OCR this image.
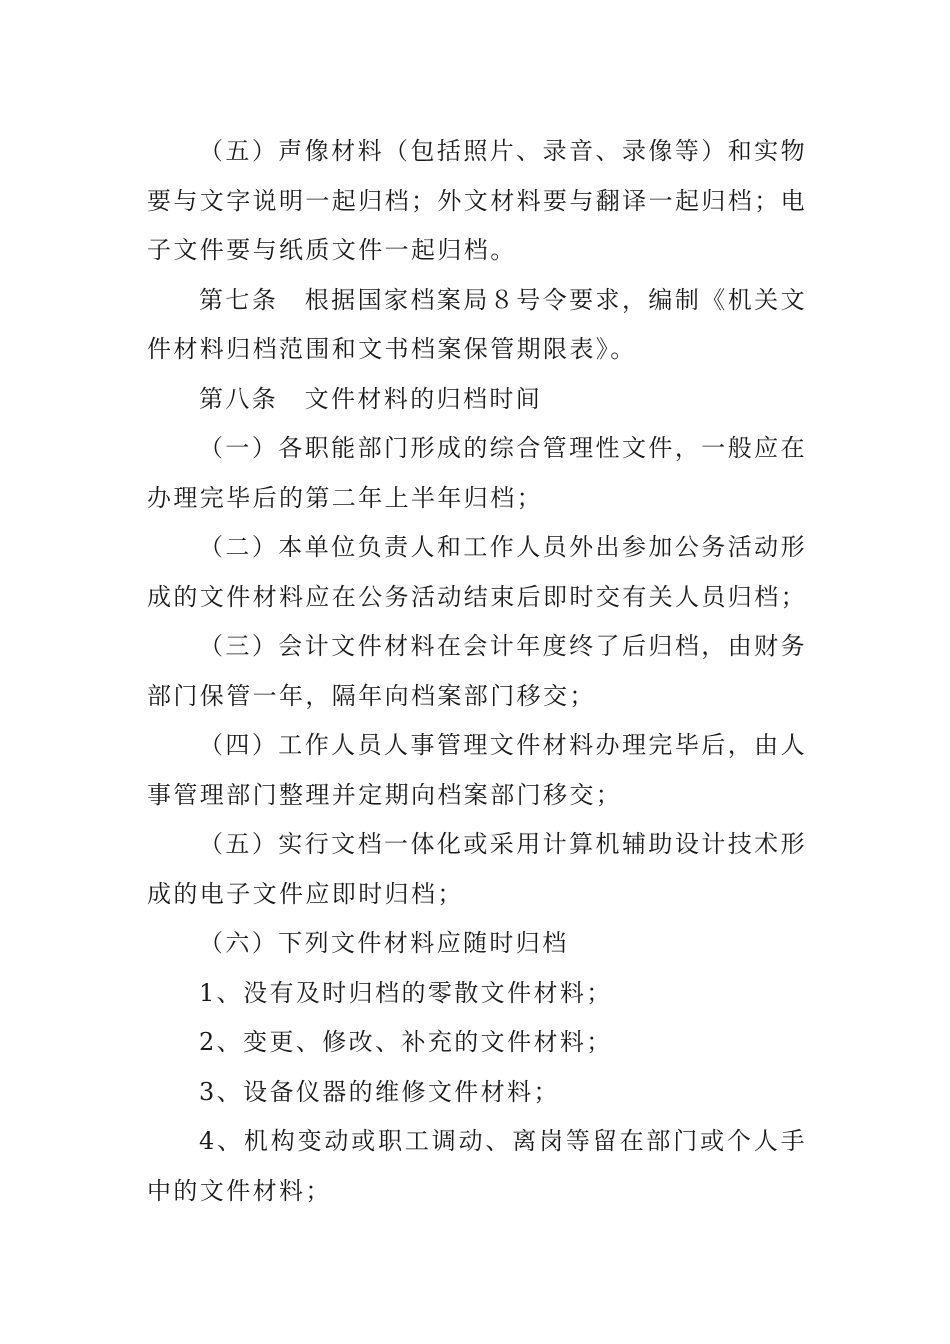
（五）声像材料（包括照片、录音、录像等）和实物要与文字说明一起归档；外文材料要与翻译一起归档；电子文件要与纸质文件一起归档。

第七条　根据国家档案局８号令要求，编制《机关文件材料归档范围和文书档案保管期限表》。

第八条　文件材料的归档时间

（一）各职能部门形成的综合管理性文件，一般应在办理完毕后的第二年上半年归档；

（二）本单位负责人和工作人员外出参加公务活动形成的文件材料应在公务活动结束后即时交有关人员归档；

（三）会计文件材料在会计年度终了后归档，由财务部门保管一年，隔年向档案部门移交；

（四）工作人员人事管理文件材料办理完毕后，由人事管理部门整理并定期向档案部门移交；

（五）实行文档一体化或采用计算机辅助设计技术形成的电子文件应即时归档；

（六）下列文件材料应随时归档

1、没有及时归档的零散文件材料；

2、变更、修改、补充的文件材料；

3、设备仪器的维修文件材料；

4、机构变动或职工调动、离岗等留在部门或个人手中的文件材料；
